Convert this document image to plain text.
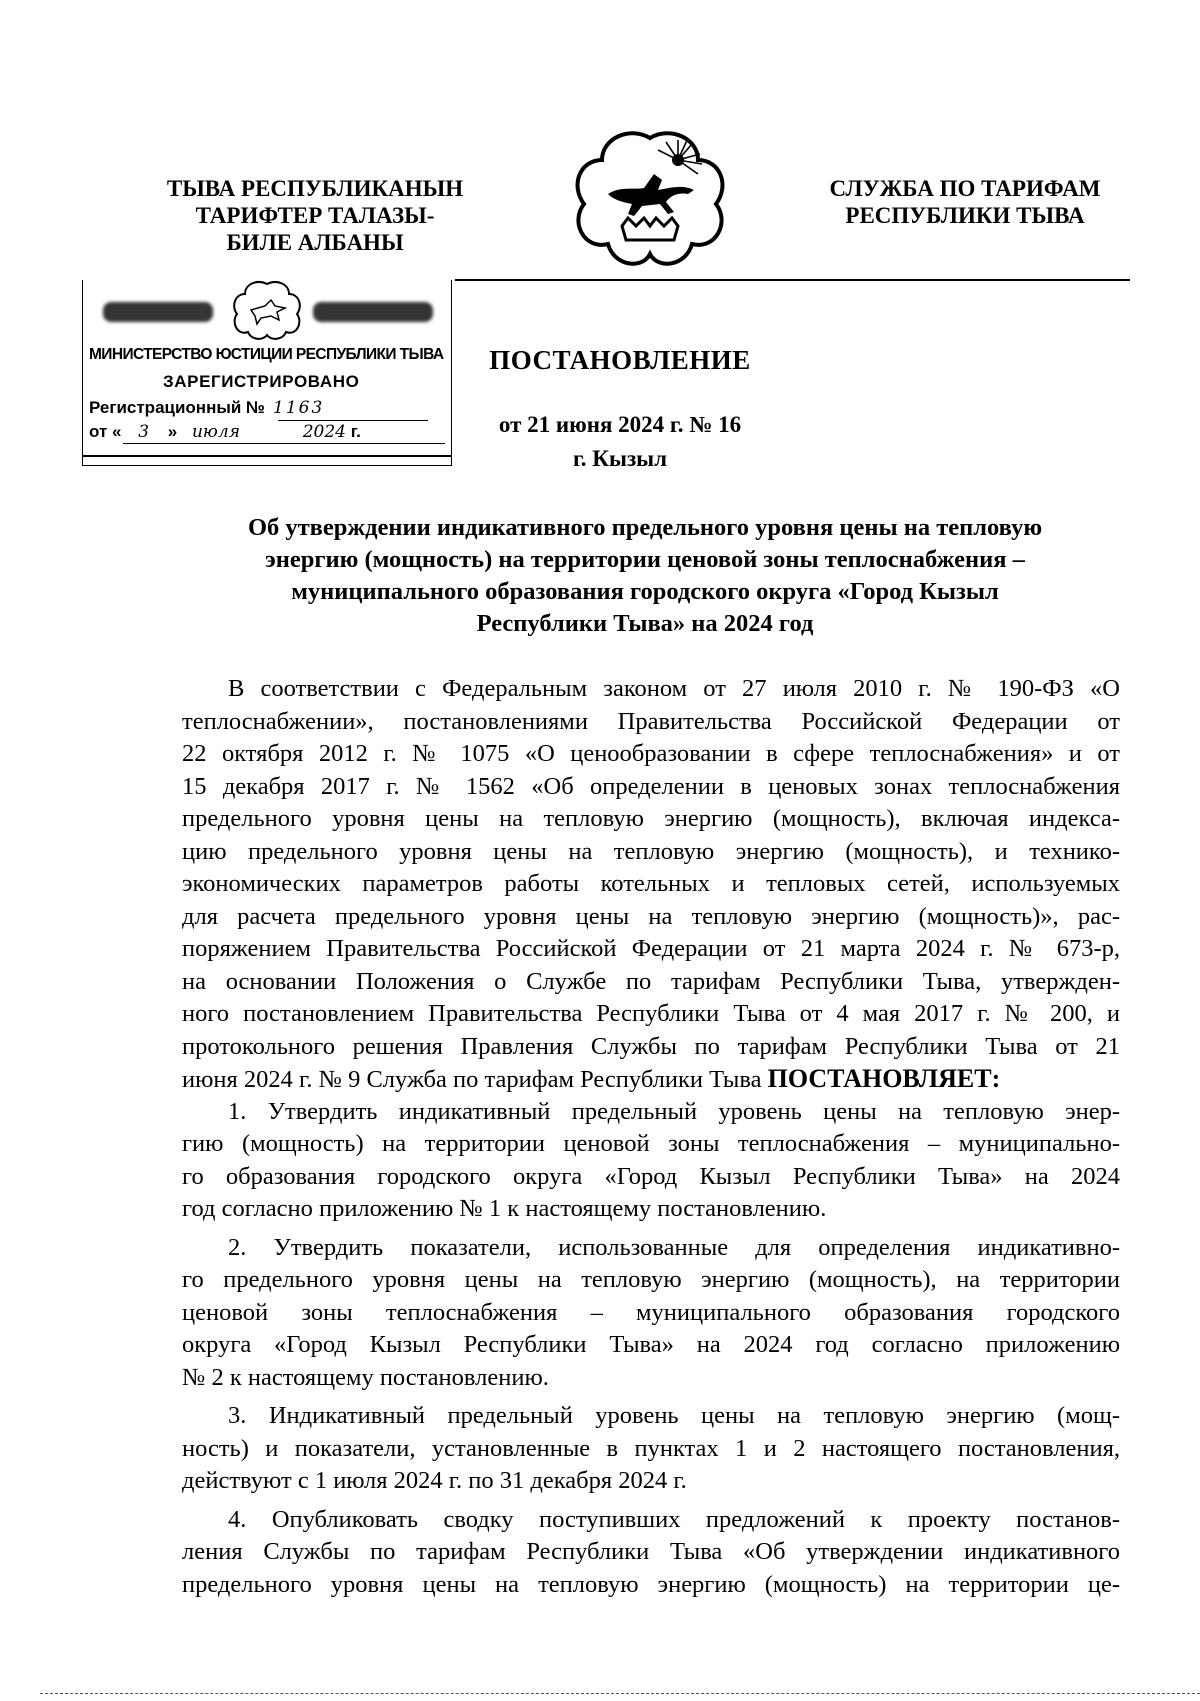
ТЫВА РЕСПУБЛИКАНЫН
ТАРИФТЕР ТАЛАЗЫ-
БИЛЕ АЛБАНЫ
СЛУЖБА ПО ТАРИФАМ
РЕСПУБЛИКИ ТЫВА
МИНИСТЕРСТВО ЮСТИЦИИ РЕСПУБЛИКИ ТЫВА
ЗАРЕГИСТРИРОВАНО
Регистрационный № 1163
от « 3 » июля	2024 г.
ПОСТАНОВЛЕНИЕ
от 21 июня 2024 г. № 16
г. Кызыл
Об утверждении индикативного предельного уровня цены на тепловую
энергию (мощность) на территории ценовой зоны теплоснабжения –
муниципального образования городского округа «Город Кызыл
Республики Тыва» на 2024 год
В соответствии с Федеральным законом от 27 июля 2010 г. № 190-ФЗ «О
теплоснабжении», постановлениями Правительства Российской Федерации от
22 октября 2012 г. № 1075 «О ценообразовании в сфере теплоснабжения» и от
15 декабря 2017 г. № 1562 «Об определении в ценовых зонах теплоснабжения
предельного уровня цены на тепловую энергию (мощность), включая индекса-
цию предельного уровня цены на тепловую энергию (мощность), и технико-
экономических параметров работы котельных и тепловых сетей, используемых
для расчета предельного уровня цены на тепловую энергию (мощность)», рас-
поряжением Правительства Российской Федерации от 21 марта 2024 г. № 673-р,
на основании Положения о Службе по тарифам Республики Тыва, утвержден-
ного постановлением Правительства Республики Тыва от 4 мая 2017 г. № 200, и
протокольного решения Правления Службы по тарифам Республики Тыва от 21
июня 2024 г. № 9 Служба по тарифам Республики Тыва ПОСТАНОВЛЯЕТ:
1. Утвердить индикативный предельный уровень цены на тепловую энер-
гию (мощность) на территории ценовой зоны теплоснабжения – муниципально-
го образования городского округа «Город Кызыл Республики Тыва» на 2024
год согласно приложению № 1 к настоящему постановлению.
2. Утвердить показатели, использованные для определения индикативно-
го предельного уровня цены на тепловую энергию (мощность), на территории
ценовой зоны теплоснабжения – муниципального образования городского
округа «Город Кызыл Республики Тыва» на 2024 год согласно приложению
№ 2 к настоящему постановлению.
3. Индикативный предельный уровень цены на тепловую энергию (мощ-
ность) и показатели, установленные в пунктах 1 и 2 настоящего постановления,
действуют с 1 июля 2024 г. по 31 декабря 2024 г.
4. Опубликовать сводку поступивших предложений к проекту постанов-
ления Службы по тарифам Республики Тыва «Об утверждении индикативного
предельного уровня цены на тепловую энергию (мощность) на территории це-
